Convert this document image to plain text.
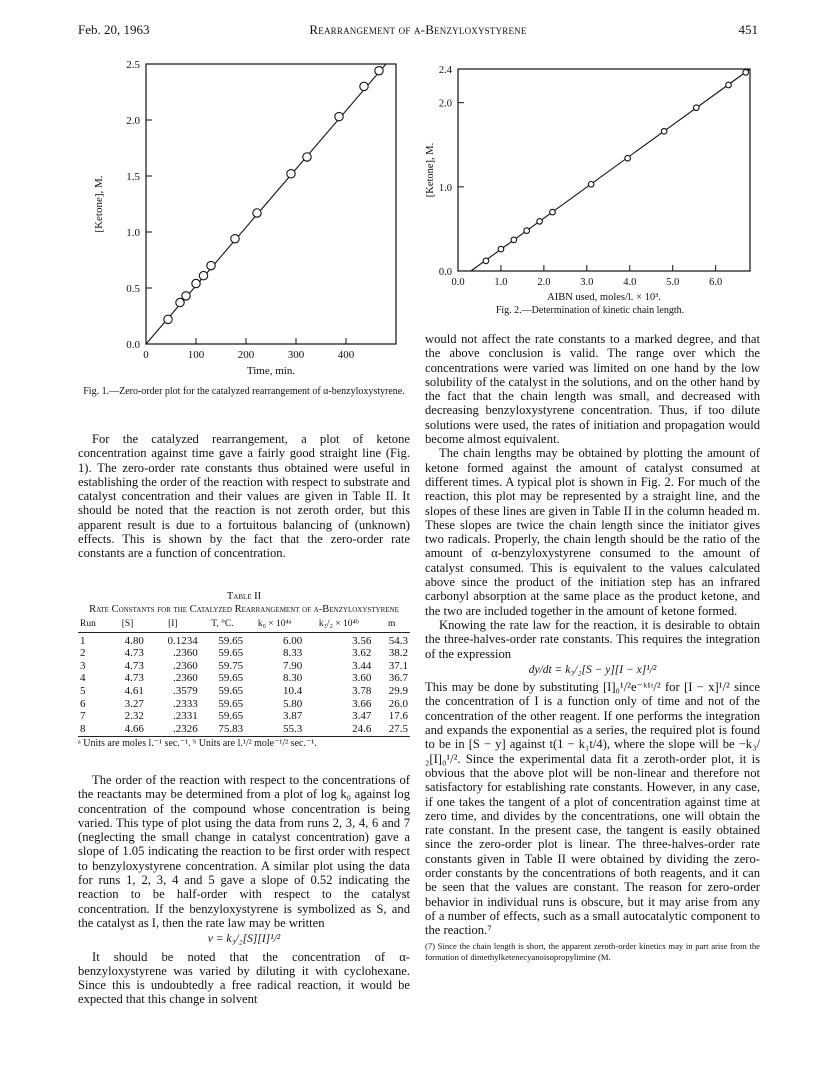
Feb. 20, 1963	Rearrangement of α-Benzyloxystyrene	451
0	100	200	300	400
0.0
0.5
1.0
1.5
2.0
2.5
Time, min.
[Ketone], M.
Fig. 1.—Zero-order plot for the catalyzed rearrangement of α-benzyloxystyrene.
0.0	1.0	2.0	3.0	4.0	5.0	6.0
0.0
1.0
2.0
2.4
AIBN used, moles/l. × 10³.
[Ketone], M.
Fig. 2.—Determination of kinetic chain length.

For the catalyzed rearrangement, a plot of ketone concentration against time gave a fairly good straight line (Fig. 1). The zero-order rate constants thus obtained were useful in establishing the order of the reaction with respect to substrate and catalyst concentration and their values are given in Table II. It should be noted that the reaction is not zeroth order, but this apparent result is due to a fortuitous balancing of (unknown) effects. This is shown by the fact that the zero-order rate constants are a function of concentration.

Table II
Rate Constants for the Catalyzed Rearrangement of α-Benzyloxystyrene
Run	[S]	[I]	T, °C.	k₀ × 10⁴ᵃ	k₃/₂ × 10⁴ᵇ	m
1	4.80	0.1234	59.65	6.00	3.56	54.3
2	4.73	.2360	59.65	8.33	3.62	38.2
3	4.73	.2360	59.75	7.90	3.44	37.1
4	4.73	.2360	59.65	8.30	3.60	36.7
5	4.61	.3579	59.65	10.4	3.78	29.9
6	3.27	.2333	59.65	5.80	3.66	26.0
7	2.32	.2331	59.65	3.87	3.47	17.6
8	4.66	.2326	75.83	55.3	24.6	27.5
ᵃ Units are moles l.⁻¹ sec.⁻¹. ᵇ Units are l.¹/² mole⁻¹/² sec.⁻¹.

The order of the reaction with respect to the concentrations of the reactants may be determined from a plot of log k₀ against log concentration of the compound whose concentration is being varied. This type of plot using the data from runs 2, 3, 4, 6 and 7 (neglecting the small change in catalyst concentration) gave a slope of 1.05 indicating the reaction to be first order with respect to benzyloxystyrene concentration. A similar plot using the data for runs 1, 2, 3, 4 and 5 gave a slope of 0.52 indicating the reaction to be half-order with respect to the catalyst concentration. If the benzyloxystyrene is symbolized as S, and the catalyst as I, then the rate law may be written

v = k₃/₂[S][I]¹/²

It should be noted that the concentration of α-benzyloxystyrene was varied by diluting it with cyclohexane. Since this is undoubtedly a free radical reaction, it would be expected that this change in solvent

would not affect the rate constants to a marked degree, and that the above conclusion is valid. The range over which the concentrations were varied was limited on one hand by the low solubility of the catalyst in the solutions, and on the other hand by the fact that the chain length was small, and decreased with decreasing benzyloxystyrene concentration. Thus, if too dilute solutions were used, the rates of initiation and propagation would become almost equivalent.

The chain lengths may be obtained by plotting the amount of ketone formed against the amount of catalyst consumed at different times. A typical plot is shown in Fig. 2. For much of the reaction, this plot may be represented by a straight line, and the slopes of these lines are given in Table II in the column headed m. These slopes are twice the chain length since the initiator gives two radicals. Properly, the chain length should be the ratio of the amount of α-benzyloxystyrene consumed to the amount of catalyst consumed. This is equivalent to the values calculated above since the product of the initiation step has an infrared carbonyl absorption at the same place as the product ketone, and the two are included together in the amount of ketone formed.

Knowing the rate law for the reaction, it is desirable to obtain the three-halves-order rate constants. This requires the integration of the expression

dy/dt = k₃/₂[S − y][I − x]¹/²

This may be done by substituting [I]₀¹/²e⁻ᵏ¹ᵗ/² for [I − x]¹/² since the concentration of I is a function only of time and not of the concentration of the other reagent. If one performs the integration and expands the exponential as a series, the required plot is found to be in [S − y] against t(1 − k₁t/4), where the slope will be −k₃/₂[I]₀¹/². Since the experimental data fit a zeroth-order plot, it is obvious that the above plot will be non-linear and therefore not satisfactory for establishing rate constants. However, in any case, if one takes the tangent of a plot of concentration against time at zero time, and divides by the concentrations, one will obtain the rate constant. In the present case, the tangent is easily obtained since the zero-order plot is linear. The three-halves-order rate constants given in Table II were obtained by dividing the zero-order constants by the concentrations of both reagents, and it can be seen that the values are constant. The reason for zero-order behavior in individual runs is obscure, but it may arise from any of a number of effects, such as a small autocatalytic component to the reaction.⁷

(7) Since the chain length is short, the apparent zeroth-order kinetics may in part arise from the formation of dimethylketenecyanoisopropylimine (M.
